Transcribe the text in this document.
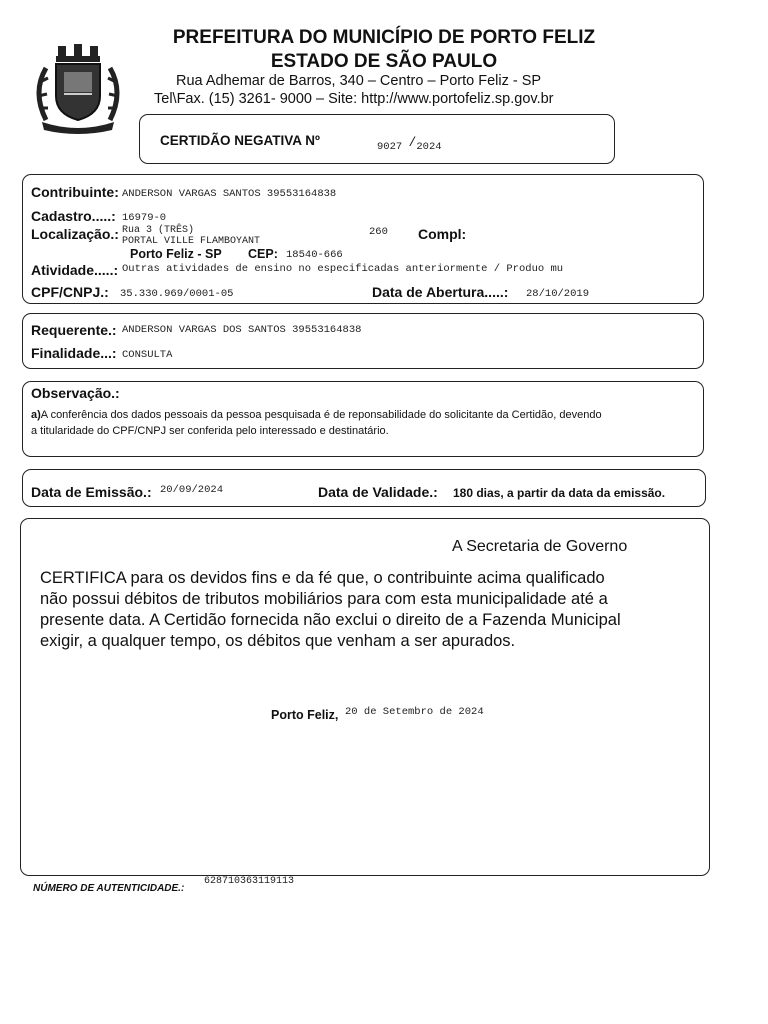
PREFEITURA DO MUNICÍPIO DE PORTO FELIZ
ESTADO DE SÃO PAULO
Rua Adhemar de Barros, 340 – Centro – Porto Feliz - SP
Tel\Fax. (15) 3261- 9000 – Site: http://www.portofeliz.sp.gov.br
CERTIDÃO NEGATIVA Nº	9027 /2024
Contribuinte: ANDERSON VARGAS SANTOS 39553164838
Cadastro.....: 16979-0
Localização.: Rua 3 (TRÊS)
PORTAL VILLE FLAMBOYANT
260 Compl:
Porto Feliz - SP CEP: 18540-666
Atividade.....: Outras atividades de ensino no especificadas anteriormente / Produo mu
CPF/CNPJ.: 35.330.969/0001-05	Data de Abertura.....: 28/10/2019
Requerente.: ANDERSON VARGAS DOS SANTOS 39553164838
Finalidade...: CONSULTA
Observação.:
a)A conferência dos dados pessoais da pessoa pesquisada é de reponsabilidade do solicitante da Certidão, devendo
a titularidade do CPF/CNPJ ser conferida pelo interessado e destinatário.
Data de Emissão.: 20/09/2024	Data de Validade.: 180 dias, a partir da data da emissão.
A Secretaria de Governo
CERTIFICA para os devidos fins e da fé que, o contribuinte acima qualificado
não possui débitos de tributos mobiliários para com esta municipalidade até a
presente data. A Certidão fornecida não exclui o direito de a Fazenda Municipal
exigir, a qualquer tempo, os débitos que venham a ser apurados.
Porto Feliz, 20 de Setembro de 2024
NÚMERO DE AUTENTICIDADE.:
628710363119113
